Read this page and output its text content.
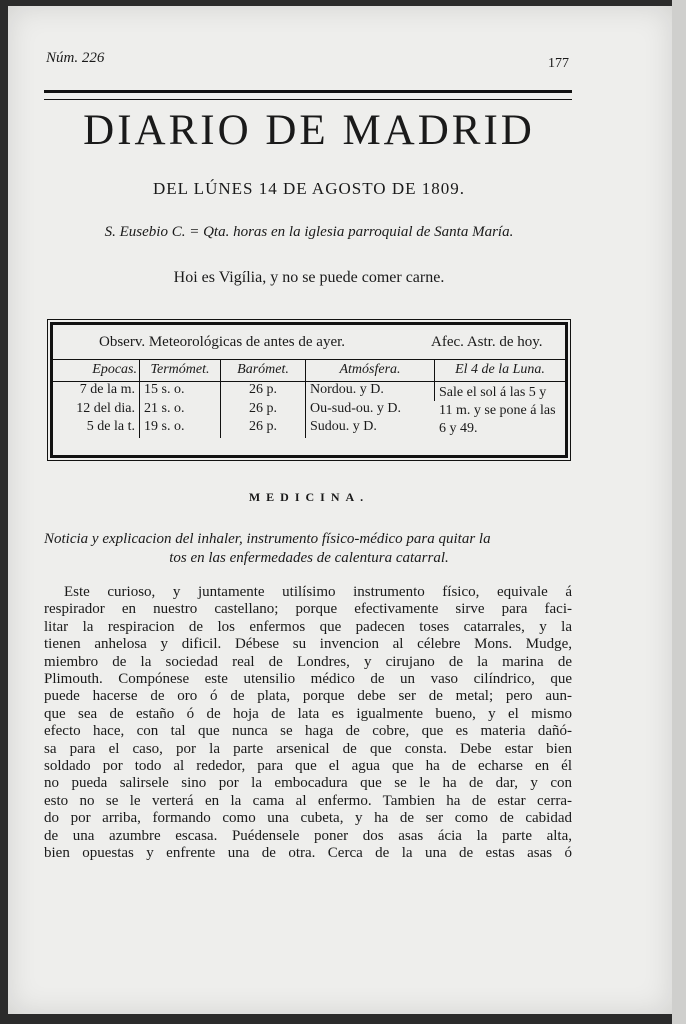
Núm. 226	177
DIARIO DE MADRID
DEL LÚNES 14 DE AGOSTO DE 1809.
S. Eusebio C. = Qta. horas en la iglesia parroquial de Santa María.
Hoi es Vigília, y no se puede comer carne.
Observ. Meteorológicas de antes de ayer.	Afec. Astr. de hoy.
Epocas.	Termómet.	Barómet.	Atmósfera.	El 4 de la Luna.
7 de la m.	15 s. o.	26 p.	Nordou. y D.	Sale el sol á las 5 y 11 m. y se pone á las 6 y 49.
12 del dia.	21 s. o.	26 p.	Ou-sud-ou. y D.	
5 de la t.	19 s. o.	26 p.	Sudou. y D.	
MEDICINA.
Noticia y explicacion del inhaler, instrumento físico-médico para quitar la
tos en las enfermedades de calentura catarral.
Este curioso, y juntamente utilísimo instrumento físico, equivale á
respirador en nuestro castellano; porque efectivamente sirve para faci-
litar la respiracion de los enfermos que padecen toses catarrales, y la
tienen anhelosa y dificil. Débese su invencion al célebre Mons. Mudge,
miembro de la sociedad real de Londres, y cirujano de la marina de
Plimouth. Compónese este utensilio médico de un vaso cilíndrico, que
puede hacerse de oro ó de plata, porque debe ser de metal; pero aun-
que sea de estaño ó de hoja de lata es igualmente bueno, y el mismo
efecto hace, con tal que nunca se haga de cobre, que es materia dañó-
sa para el caso, por la parte arsenical de que consta. Debe estar bien
soldado por todo al rededor, para que el agua que ha de echarse en él
no pueda salirsele sino por la embocadura que se le ha de dar, y con
esto no se le verterá en la cama al enfermo. Tambien ha de estar cerra-
do por arriba, formando como una cubeta, y ha de ser como de cabidad
de una azumbre escasa. Puédensele poner dos asas ácia la parte alta,
bien opuestas y enfrente una de otra. Cerca de la una de estas asas ó
